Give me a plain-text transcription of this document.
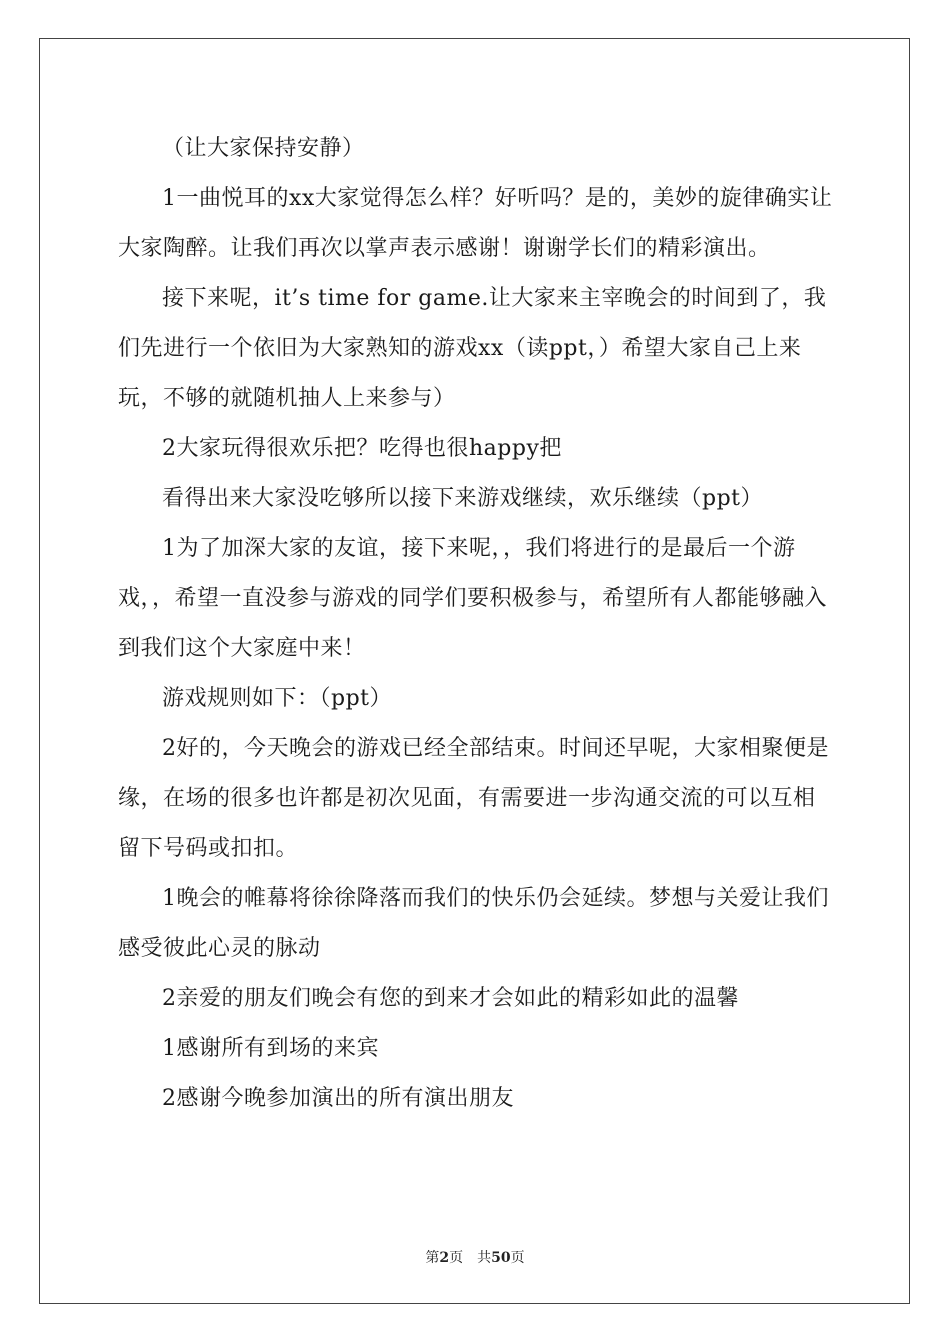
（让大家保持安静）

1一曲悦耳的xx大家觉得怎么样？好听吗？是的，美妙的旋律确实让大家陶醉。让我们再次以掌声表示感谢！谢谢学长们的精彩演出。

接下来呢，it’s time for game.让大家来主宰晚会的时间到了，我们先进行一个依旧为大家熟知的游戏xx（读ppt，）希望大家自己上来玩，不够的就随机抽人上来参与）

2大家玩得很欢乐把？吃得也很happy把

看得出来大家没吃够所以接下来游戏继续，欢乐继续（ppt）

1为了加深大家的友谊，接下来呢，，我们将进行的是最后一个游戏，，希望一直没参与游戏的同学们要积极参与，希望所有人都能够融入到我们这个大家庭中来！

游戏规则如下：（ppt）

2好的，今天晚会的游戏已经全部结束。时间还早呢，大家相聚便是缘，在场的很多也许都是初次见面，有需要进一步沟通交流的可以互相留下号码或扣扣。

1晚会的帷幕将徐徐降落而我们的快乐仍会延续。梦想与关爱让我们感受彼此心灵的脉动

2亲爱的朋友们晚会有您的到来才会如此的精彩如此的温馨

1感谢所有到场的来宾

2感谢今晚参加演出的所有演出朋友

第2页 共50页
